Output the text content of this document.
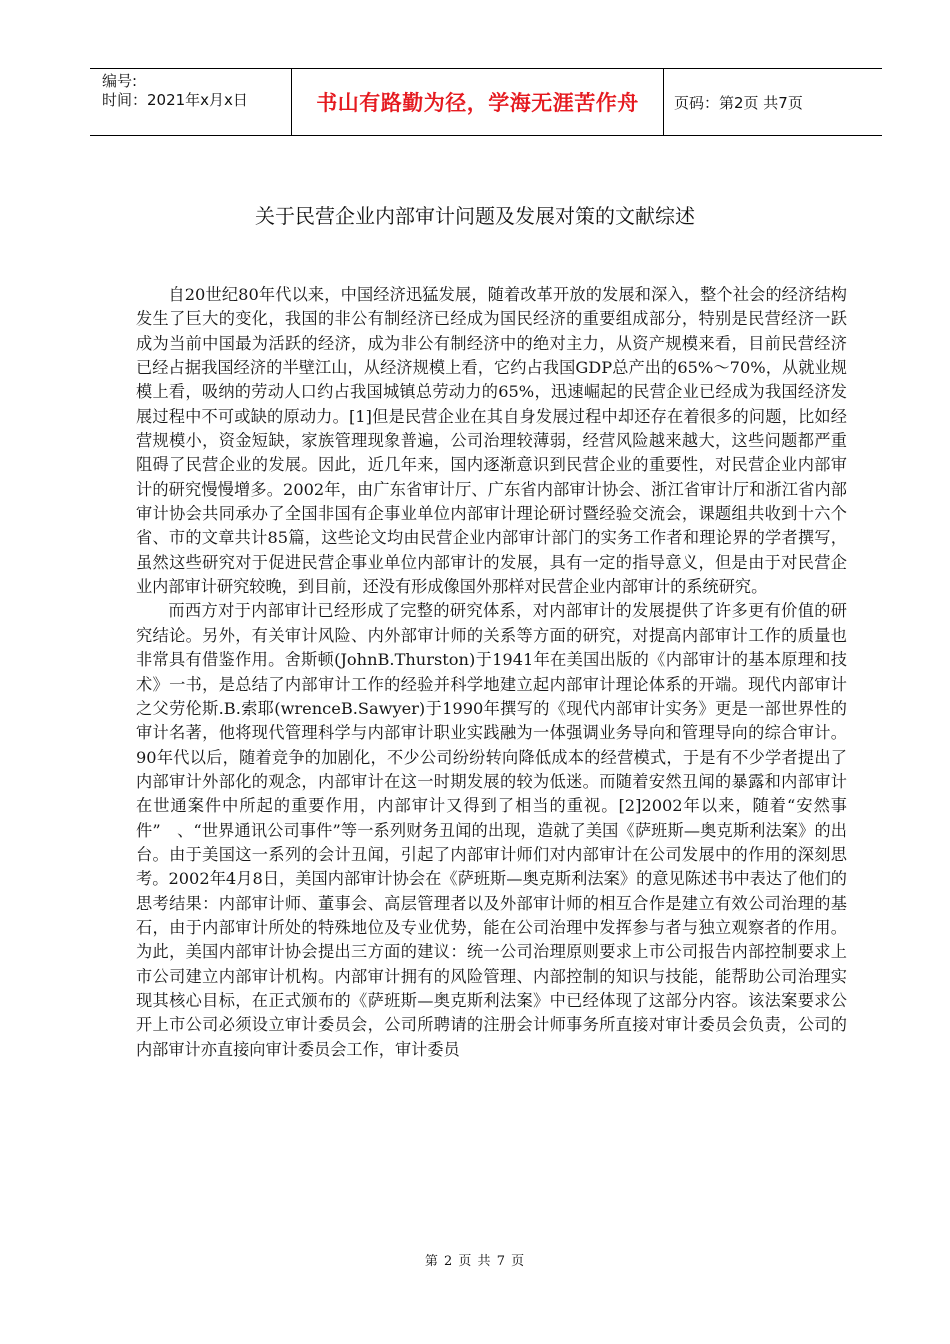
编号:
时间：2021年x月x日	书山有路勤为径，学海无涯苦作舟	页码：第2页 共7页
关于民营企业内部审计问题及发展对策的文献综述

自20世纪80年代以来，中国经济迅猛发展，随着改革开放的发展和深入，整个社会的经济结构发生了巨大的变化，我国的非公有制经济已经成为国民经济的重要组成部分，特别是民营经济一跃成为当前中国最为活跃的经济，成为非公有制经济中的绝对主力，从资产规模来看，目前民营经济已经占据我国经济的半壁江山，从经济规模上看，它约占我国GDP总产出的65%～70%，从就业规模上看，吸纳的劳动人口约占我国城镇总劳动力的65%，迅速崛起的民营企业已经成为我国经济发展过程中不可或缺的原动力。[1]但是民营企业在其自身发展过程中却还存在着很多的问题，比如经营规模小，资金短缺，家族管理现象普遍，公司治理较薄弱，经营风险越来越大，这些问题都严重阻碍了民营企业的发展。因此，近几年来，国内逐渐意识到民营企业的重要性，对民营企业内部审计的研究慢慢增多。2002年，由广东省审计厅、广东省内部审计协会、浙江省审计厅和浙江省内部审计协会共同承办了全国非国有企事业单位内部审计理论研讨暨经验交流会，课题组共收到十六个省、市的文章共计85篇，这些论文均由民营企业内部审计部门的实务工作者和理论界的学者撰写，虽然这些研究对于促进民营企事业单位内部审计的发展，具有一定的指导意义，但是由于对民营企业内部审计研究较晚，到目前，还没有形成像国外那样对民营企业内部审计的系统研究。

而西方对于内部审计已经形成了完整的研究体系，对内部审计的发展提供了许多更有价值的研究结论。另外，有关审计风险、内外部审计师的关系等方面的研究，对提高内部审计工作的质量也非常具有借鉴作用。舍斯顿(JohnB.Thurston)于1941年在美国出版的《内部审计的基本原理和技术》一书，是总结了内部审计工作的经验并科学地建立起内部审计理论体系的开端。现代内部审计之父劳伦斯.B.索耶(wrenceB.Sawyer)于1990年撰写的《现代内部审计实务》更是一部世界性的审计名著，他将现代管理科学与内部审计职业实践融为一体强调业务导向和管理导向的综合审计。90年代以后，随着竞争的加剧化，不少公司纷纷转向降低成本的经营模式，于是有不少学者提出了内部审计外部化的观念，内部审计在这一时期发展的较为低迷。而随着安然丑闻的暴露和内部审计在世通案件中所起的重要作用，内部审计又得到了相当的重视。[2]2002年以来，随着“安然事件”　、“世界通讯公司事件”等一系列财务丑闻的出现，造就了美国《萨班斯—奥克斯利法案》的出台。由于美国这一系列的会计丑闻，引起了内部审计师们对内部审计在公司发展中的作用的深刻思考。2002年4月8日，美国内部审计协会在《萨班斯—奥克斯利法案》的意见陈述书中表达了他们的思考结果：内部审计师、董事会、高层管理者以及外部审计师的相互合作是建立有效公司治理的基石，由于内部审计所处的特殊地位及专业优势，能在公司治理中发挥参与者与独立观察者的作用。为此，美国内部审计协会提出三方面的建议：统一公司治理原则要求上市公司报告内部控制要求上市公司建立内部审计机构。内部审计拥有的风险管理、内部控制的知识与技能，能帮助公司治理实现其核心目标，在正式颁布的《萨班斯—奥克斯利法案》中已经体现了这部分内容。该法案要求公开上市公司必须设立审计委员会，公司所聘请的注册会计师事务所直接对审计委员会负责，公司的内部审计亦直接向审计委员会工作，审计委员

第 2 页 共 7 页
